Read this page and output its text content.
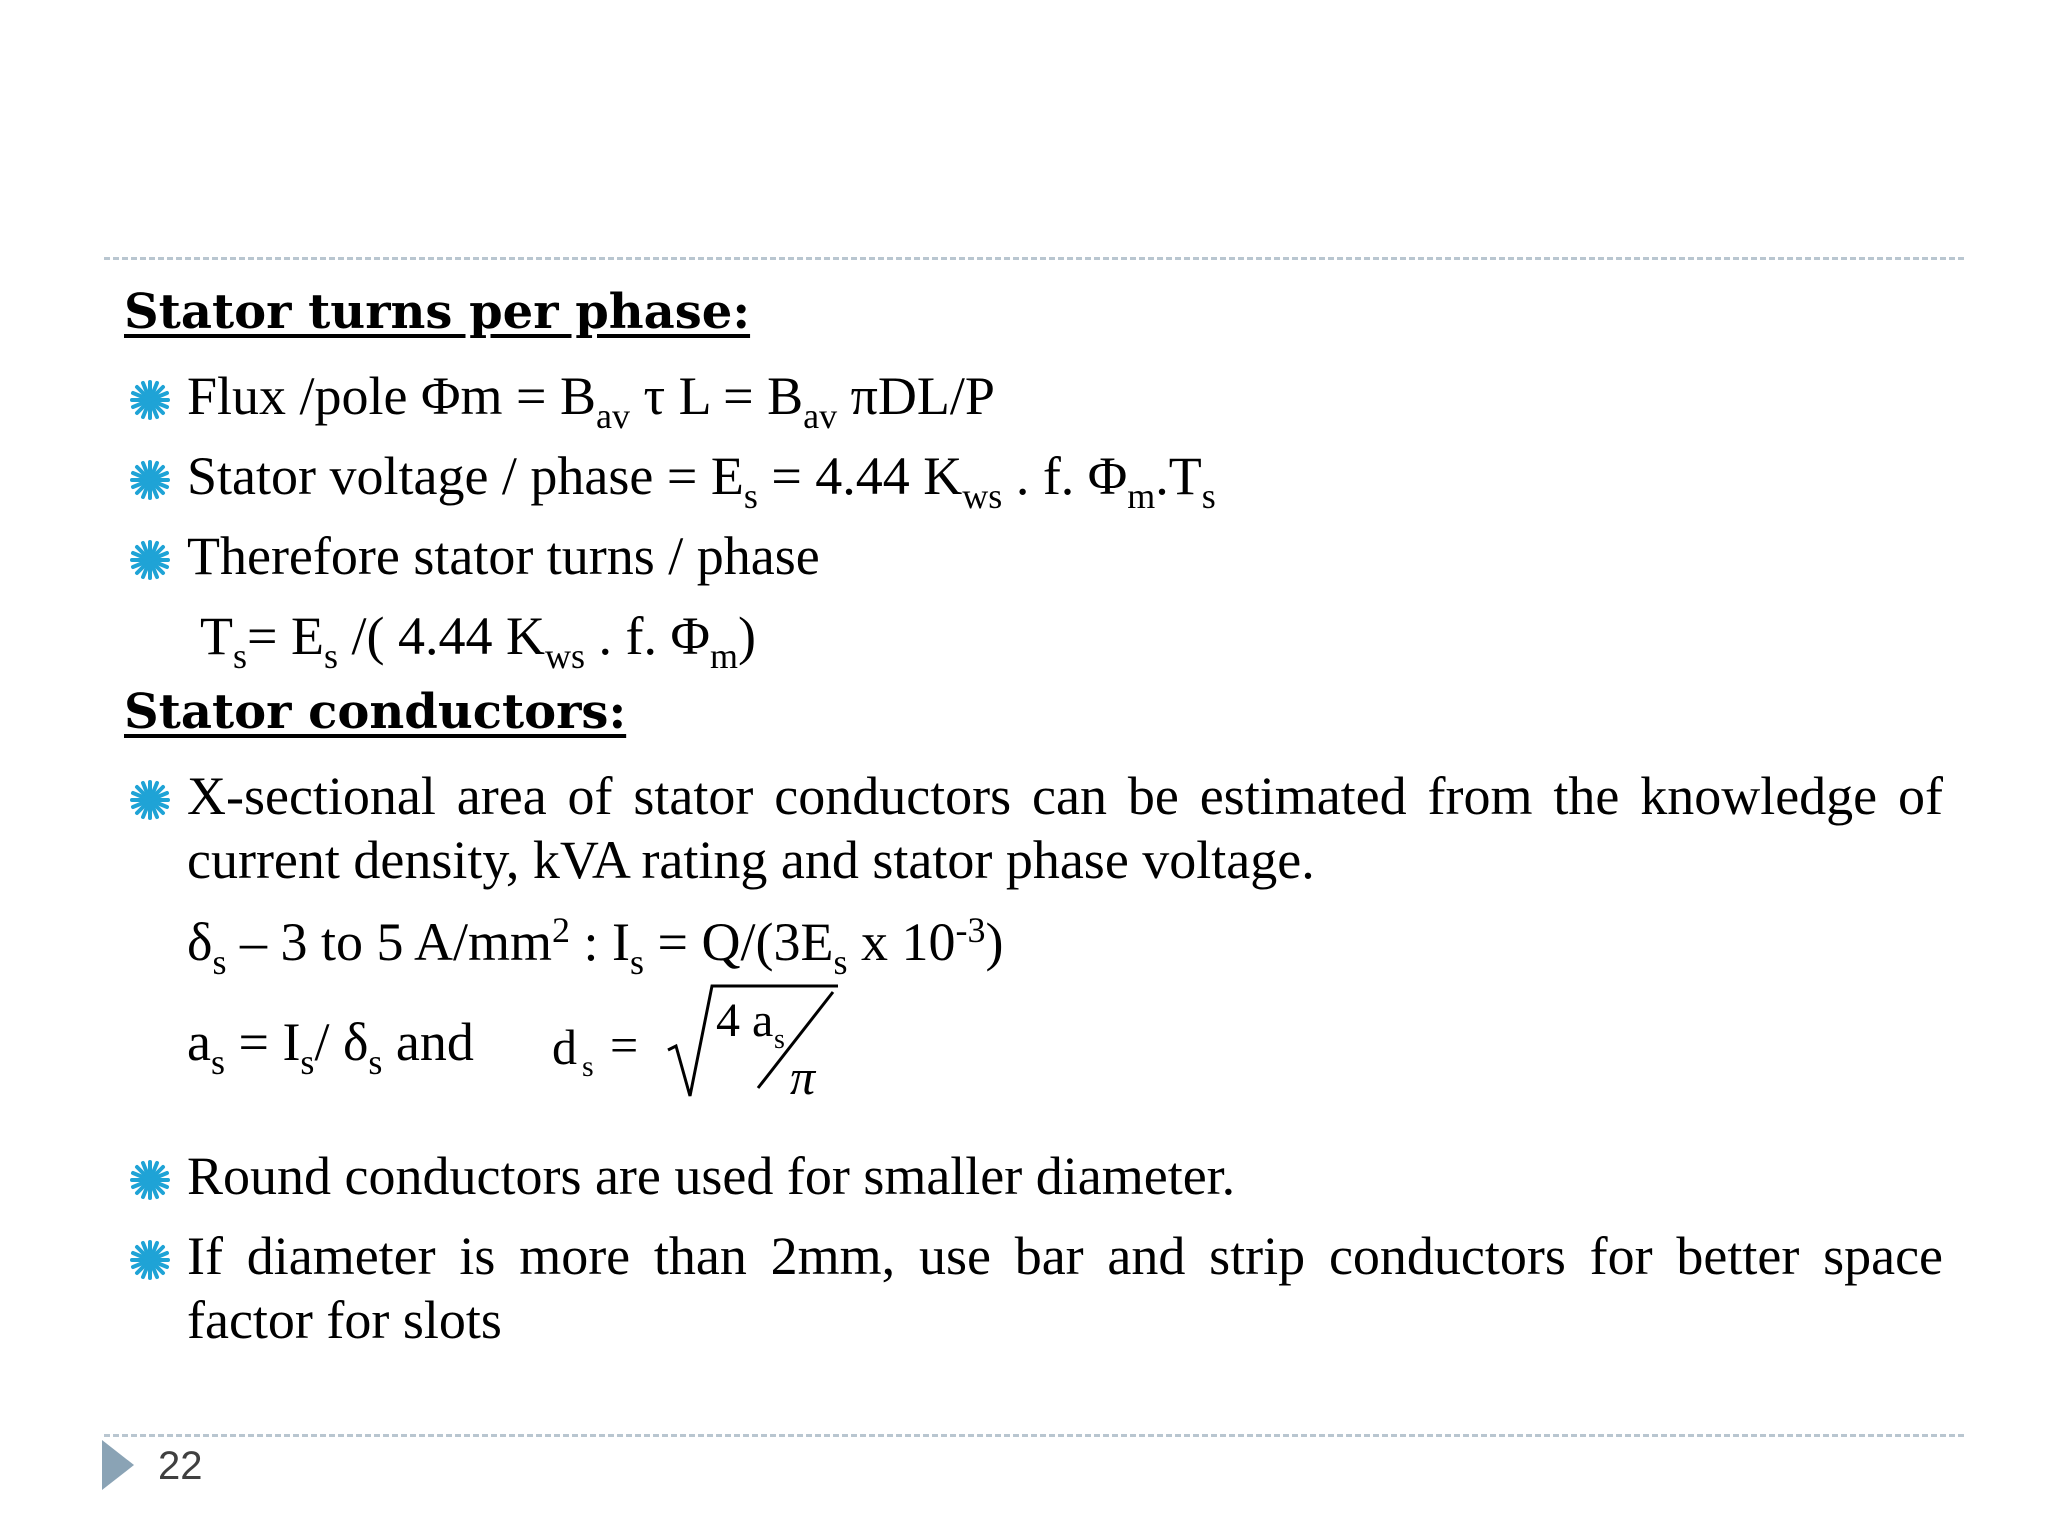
Stator turns per phase:
Flux /pole $\Phi m = B_{av}$ τ $L = B_{av}$ πDL/P
Stator voltage / phase = $E_s = 4.44$ $K_{ws}$ . f. $\Phi_m.T_s$
Therefore stator turns / phase
$T_s= E_s$ /( 4.44 $K_{ws}$ . f. $\Phi_m$)
Stator conductors:
X-sectional area of stator conductors can be estimated from the knowledge of current density, kVA rating and stator phase voltage.
$\delta_s - 3$ to 5 $A/mm^2$ : $I_s = Q/(3E_s$ x $10^{-3}$)
$a_s = I_s/$ $\delta_s$ and d s = 4 a s
π
Round conductors are used for smaller diameter.
If diameter is more than 2mm, use bar and strip conductors for better space factor for slots
22
